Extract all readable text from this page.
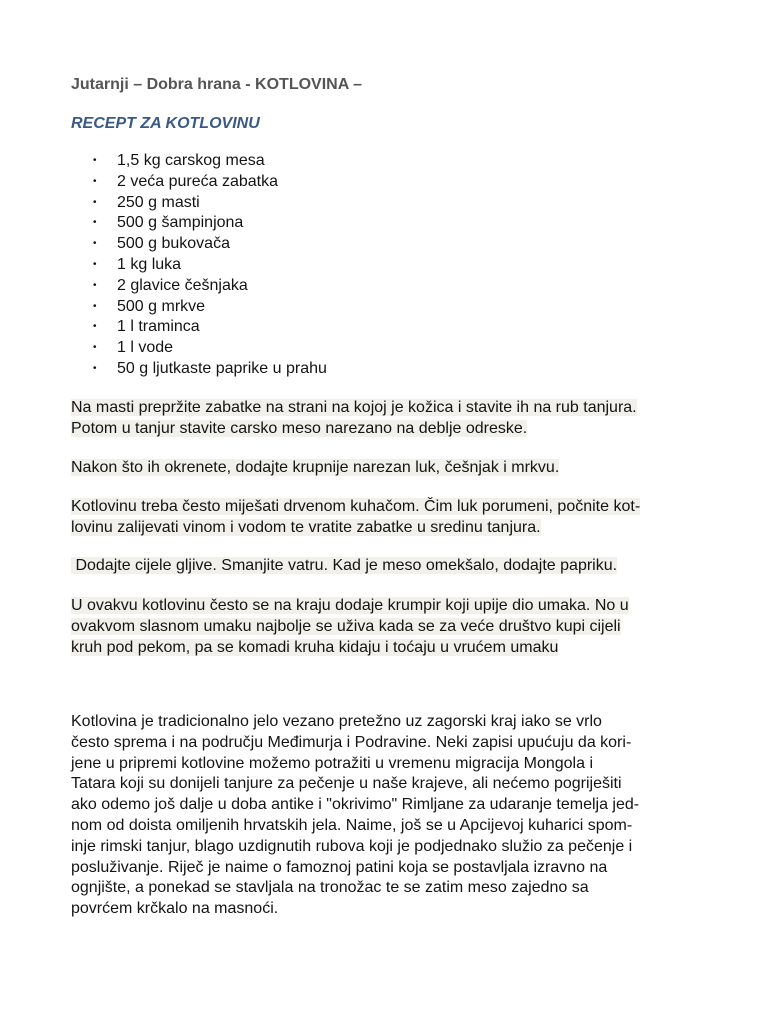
Jutarnji – Dobra hrana - KOTLOVINA –
RECEPT ZA KOTLOVINU
• 1,5 kg carskog mesa
• 2 veća pureća zabatka
• 250 g masti
• 500 g šampinjona
• 500 g bukovača
• 1 kg luka
• 2 glavice češnjaka
• 500 g mrkve
• 1 l traminca
• 1 l vode
• 50 g ljutkaste paprike u prahu
Na masti prepržite zabatke na strani na kojoj je kožica i stavite ih na rub tanjura.
Potom u tanjur stavite carsko meso narezano na deblje odreske.
Nakon što ih okrenete, dodajte krupnije narezan luk, češnjak i mrkvu.
Kotlovinu treba često miješati drvenom kuhačom. Čim luk porumeni, počnite kot-
lovinu zalijevati vinom i vodom te vratite zabatke u sredinu tanjura.
Dodajte cijele gljive. Smanjite vatru. Kad je meso omekšalo, dodajte papriku.
U ovakvu kotlovinu često se na kraju dodaje krumpir koji upije dio umaka. No u
ovakvom slasnom umaku najbolje se uživa kada se za veće društvo kupi cijeli
kruh pod pekom, pa se komadi kruha kidaju i toćaju u vrućem umaku
Kotlovina je tradicionalno jelo vezano pretežno uz zagorski kraj iako se vrlo
često sprema i na području Međimurja i Podravine. Neki zapisi upućuju da kori-
jene u pripremi kotlovine možemo potražiti u vremenu migracija Mongola i
Tatara koji su donijeli tanjure za pečenje u naše krajeve, ali nećemo pogriješiti
ako odemo još dalje u doba antike i "okrivimo" Rimljane za udaranje temelja jed-
nom od doista omiljenih hrvatskih jela. Naime, još se u Apcijevoj kuharici spom-
inje rimski tanjur, blago uzdignutih rubova koji je podjednako služio za pečenje i
posluživanje. Riječ je naime o famoznoj patini koja se postavljala izravno na
ognjište, a ponekad se stavljala na tronožac te se zatim meso zajedno sa
povrćem krčkalo na masnoći.
